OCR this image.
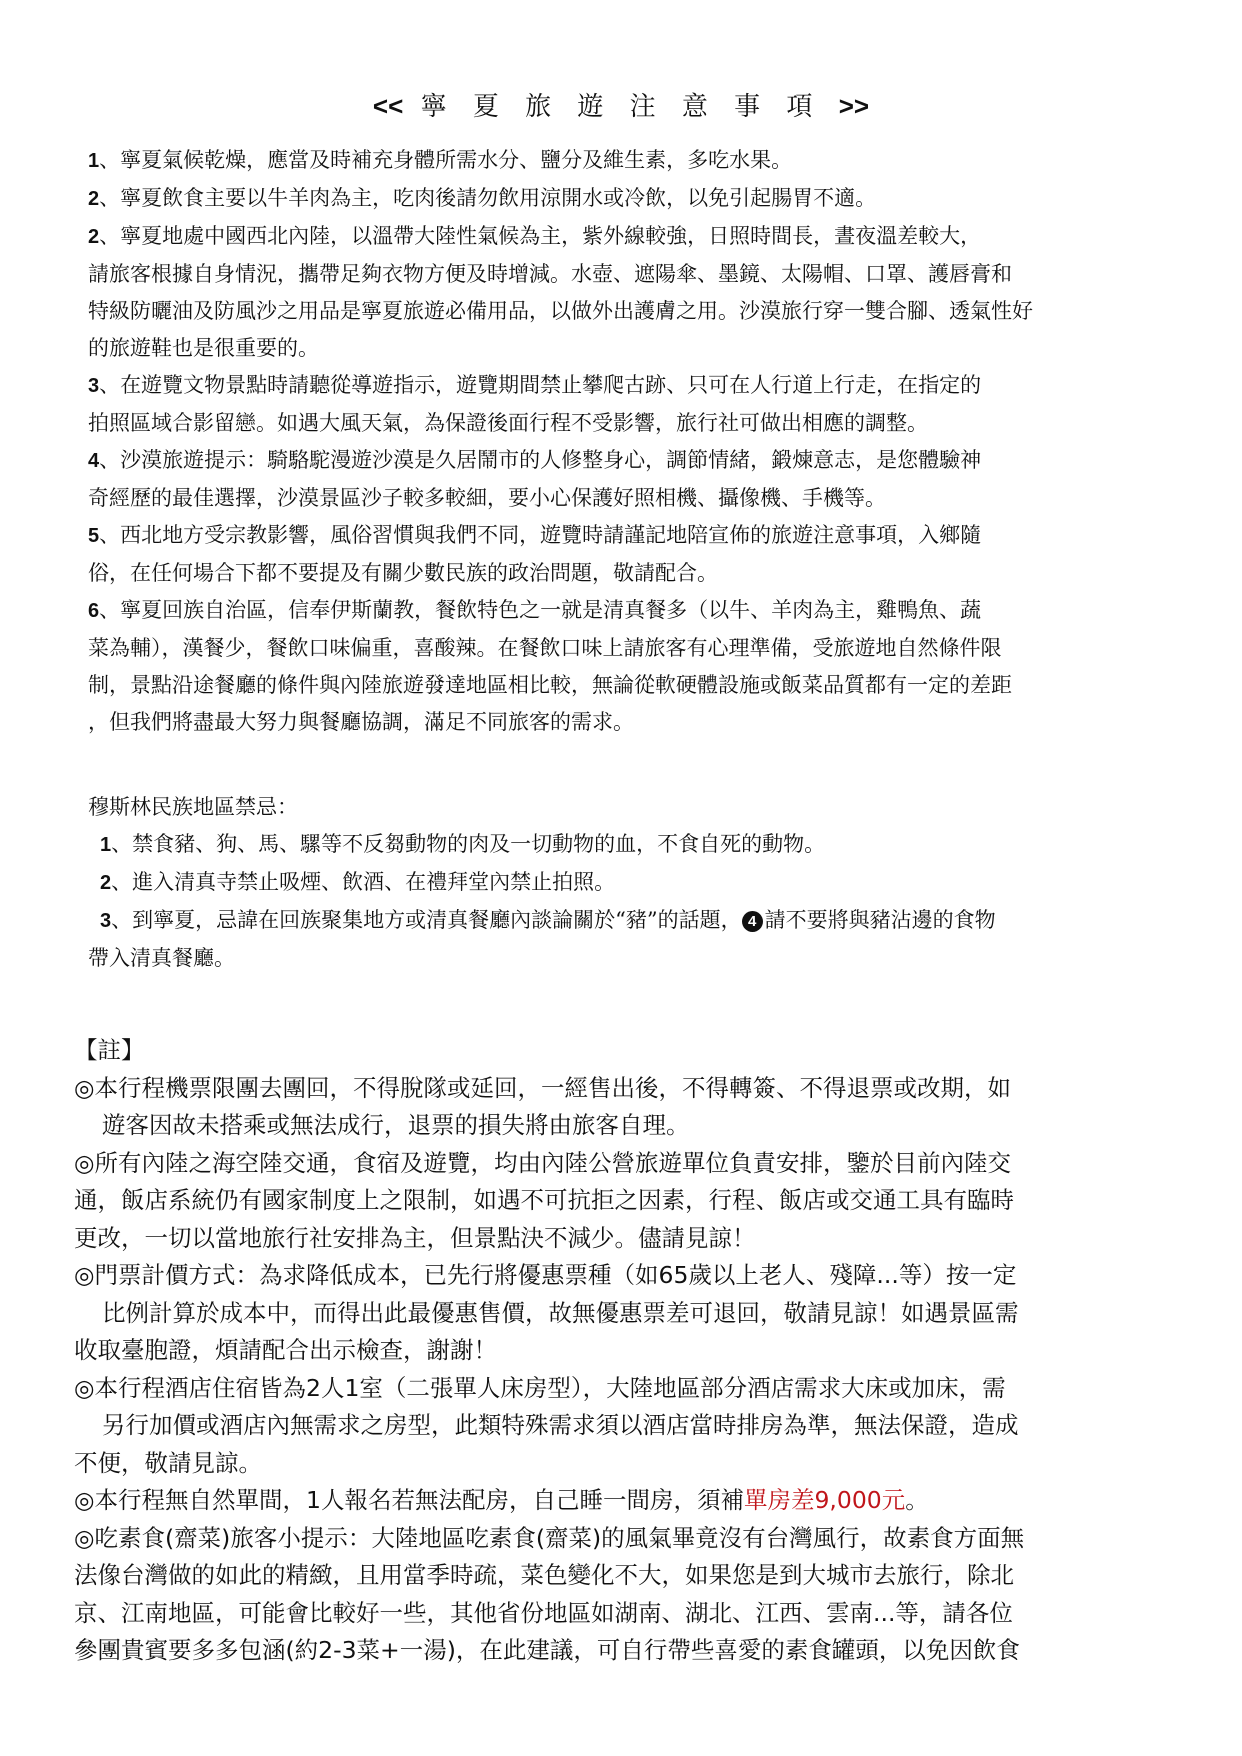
<< 寧 夏 旅 遊 注 意 事 項 >>

1、寧夏氣候乾燥，應當及時補充身體所需水分、鹽分及維生素，多吃水果。

2、寧夏飲食主要以牛羊肉為主，吃肉後請勿飲用涼開水或冷飲，以免引起腸胃不適。

2、寧夏地處中國西北內陸，以溫帶大陸性氣候為主，紫外線較強，日照時間長，晝夜溫差較大，

請旅客根據自身情況，攜帶足夠衣物方便及時增減。水壺、遮陽傘、墨鏡、太陽帽、口罩、護唇膏和

特級防曬油及防風沙之用品是寧夏旅遊必備用品，以做外出護膚之用。沙漠旅行穿一雙合腳、透氣性好

的旅遊鞋也是很重要的。

3、在遊覽文物景點時請聽從導遊指示，遊覽期間禁止攀爬古跡、只可在人行道上行走，在指定的

拍照區域合影留戀。如遇大風天氣，為保證後面行程不受影響，旅行社可做出相應的調整。

4、沙漠旅遊提示：騎駱駝漫遊沙漠是久居鬧市的人修整身心，調節情緒，鍛煉意志，是您體驗神

奇經歷的最佳選擇，沙漠景區沙子較多較細，要小心保護好照相機、攝像機、手機等。

5、西北地方受宗教影響，風俗習慣與我們不同，遊覽時請謹記地陪宣佈的旅遊注意事項，入鄉隨

俗，在任何場合下都不要提及有關少數民族的政治問題，敬請配合。

6、寧夏回族自治區，信奉伊斯蘭教，餐飲特色之一就是清真餐多（以牛、羊肉為主，雞鴨魚、蔬

菜為輔），漢餐少，餐飲口味偏重，喜酸辣。在餐飲口味上請旅客有心理準備，受旅遊地自然條件限

制，景點沿途餐廳的條件與內陸旅遊發達地區相比較，無論從軟硬體設施或飯菜品質都有一定的差距

，但我們將盡最大努力與餐廳協調，滿足不同旅客的需求。

穆斯林民族地區禁忌：

1、禁食豬、狗、馬、騾等不反芻動物的肉及一切動物的血，不食自死的動物。

2、進入清真寺禁止吸煙、飲酒、在禮拜堂內禁止拍照。

3、到寧夏，忌諱在回族聚集地方或清真餐廳內談論關於“豬”的話題， 4 請不要將與豬沾邊的食物

帶入清真餐廳。

【註】

◎本行程機票限團去團回，不得脫隊或延回，一經售出後，不得轉簽、不得退票或改期，如

遊客因故未搭乘或無法成行，退票的損失將由旅客自理。

◎所有內陸之海空陸交通，食宿及遊覽，均由內陸公營旅遊單位負責安排，鑒於目前內陸交

通，飯店系統仍有國家制度上之限制，如遇不可抗拒之因素，行程、飯店或交通工具有臨時

更改，一切以當地旅行社安排為主，但景點決不減少。儘請見諒！

◎門票計價方式：為求降低成本，已先行將優惠票種（如65歲以上老人、殘障...等）按一定

比例計算於成本中，而得出此最優惠售價，故無優惠票差可退回，敬請見諒！如遇景區需

收取臺胞證，煩請配合出示檢查，謝謝！

◎本行程酒店住宿皆為2人1室（二張單人床房型），大陸地區部分酒店需求大床或加床，需

另行加價或酒店內無需求之房型，此類特殊需求須以酒店當時排房為準，無法保證，造成

不便，敬請見諒。

◎本行程無自然單間，1人報名若無法配房，自己睡一間房，須補單房差9,000元。

◎吃素食(齋菜)旅客小提示：大陸地區吃素食(齋菜)的風氣畢竟沒有台灣風行，故素食方面無

法像台灣做的如此的精緻，且用當季時疏，菜色變化不大，如果您是到大城市去旅行，除北

京、江南地區，可能會比較好一些，其他省份地區如湖南、湖北、江西、雲南...等，請各位

參團貴賓要多多包涵(約2-3菜+一湯)，在此建議，可自行帶些喜愛的素食罐頭，以免因飲食
